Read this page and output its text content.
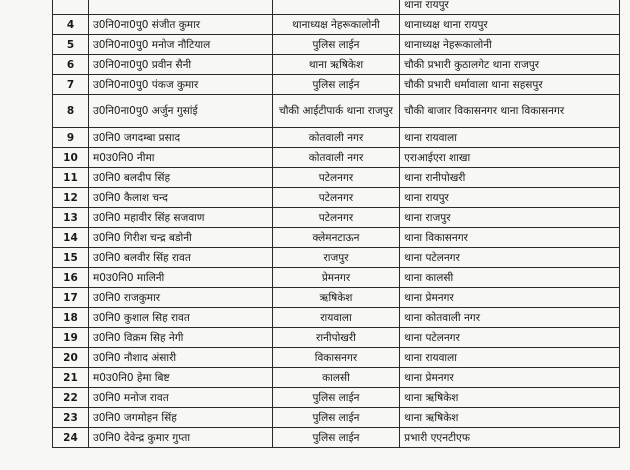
			थाना रायपुर
4	उ0नि0ना0पु0 संजीत कुमार	थानाध्यक्ष नेहरूकालोनी	थानाध्यक्ष थाना रायपुर
5	उ0नि0ना0पु0 मनोज नौटियाल	पुलिस लाईन	थानाध्यक्ष नेहरूकालोनी
6	उ0नि0ना0पु0 प्रवीन सैनी	थाना ऋषिकेश	चौकी प्रभारी कुठालगेट थाना राजपुर
7	उ0नि0ना0पु0 पंकज कुमार	पुलिस लाईन	चौकी प्रभारी धर्मावाला थाना सहसपुर
8	उ0नि0ना0पु0 अर्जुन गुसांई	चौकी आईटीपार्क थाना राजपुर	चौकी बाजार विकासनगर थाना विकासनगर
9	उ0नि0 जगदम्बा प्रसाद	कोतवाली नगर	थाना रायवाला
10	म0उ0नि0 नीमा	कोतवाली नगर	एराआईएरा शाखा
11	उ0नि0 बलदीप सिंह	पटेलनगर	थाना रानीपोखरी
12	उ0नि0 कैलाश चन्द	पटेलनगर	थाना रायपुर
13	उ0नि0 महावीर सिंह सजवाण	पटेलनगर	थाना राजपुर
14	उ0नि0 गिरीश चन्द्र बडोनी	क्लेमनटाऊन	थाना विकासनगर
15	उ0नि0 बलवीर सिंह रावत	राजपुर	थाना पटेलनगर
16	म0उ0नि0 मालिनी	प्रेमनगर	थाना कालसी
17	उ0नि0 राजकुमार	ऋषिकेश	थाना प्रेमनगर
18	उ0नि0 कुशाल सिह रावत	रायवाला	थाना कोतवाली नगर
19	उ0नि0 विक्रम सिह नेगी	रानीपोखरी	थाना पटेलनगर
20	उ0नि0 नौशाद अंसारी	विकासनगर	थाना रायवाला
21	म0उ0नि0 हेमा बिष्ट	कालसी	थाना प्रेमनगर
22	उ0नि0 मनोज रावत	पुलिस लाईन	थाना ऋषिकेश
23	उ0नि0 जगमोहन सिंह	पुलिस लाईन	थाना ऋषिकेश
24	उ0नि0 देवेन्द्र कुमार गुप्ता	पुलिस लाईन	प्रभारी एएनटीएफ
